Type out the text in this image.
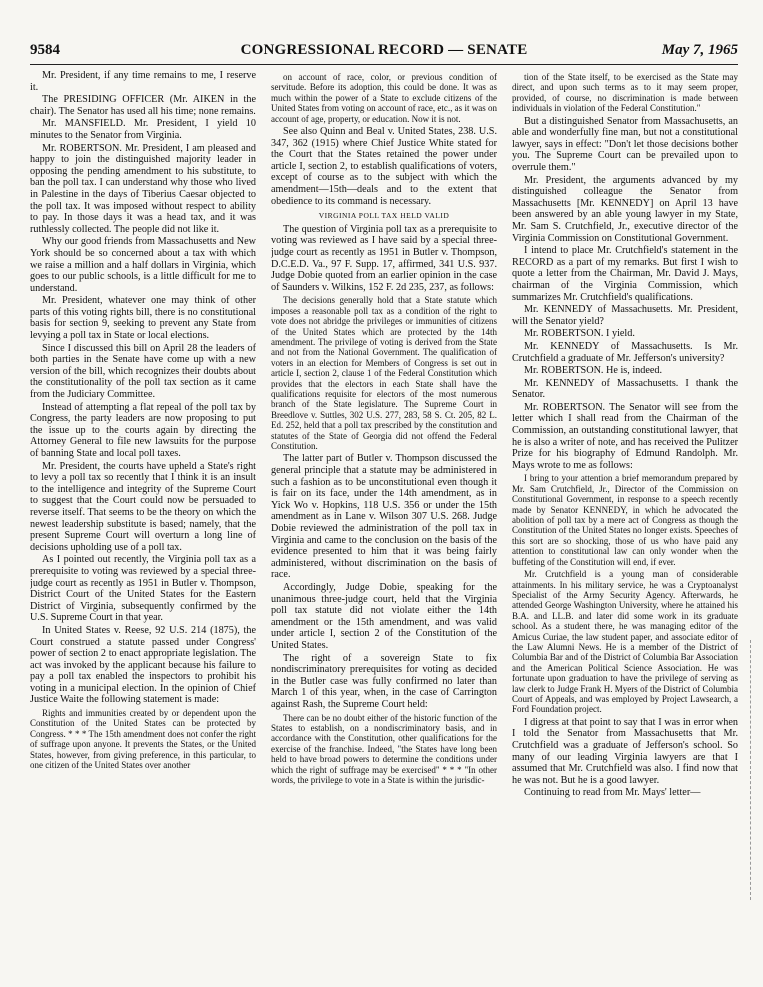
9584	CONGRESSIONAL RECORD — SENATE	May 7, 1965

Mr. President, if any time remains to me, I reserve it.

The PRESIDING OFFICER (Mr. AIKEN in the chair). The Senator has used all his time; none remains.

Mr. MANSFIELD. Mr. President, I yield 10 minutes to the Senator from Virginia.

Mr. ROBERTSON. Mr. President, I am pleased and happy to join the distinguished majority leader in opposing the pending amendment to his substitute, to ban the poll tax. I can understand why those who lived in Palestine in the days of Tiberius Caesar objected to the poll tax. It was imposed without respect to ability to pay. In those days it was a head tax, and it was ruthlessly collected. The people did not like it.

Why our good friends from Massachusetts and New York should be so concerned about a tax with which we raise a million and a half dollars in Virginia, which goes to our public schools, is a little difficult for me to understand.

Mr. President, whatever one may think of other parts of this voting rights bill, there is no constitutional basis for section 9, seeking to prevent any State from levying a poll tax in State or local elections.

Since I discussed this bill on April 28 the leaders of both parties in the Senate have come up with a new version of the bill, which recognizes their doubts about the constitutionality of the poll tax section as it came from the Judiciary Committee.

Instead of attempting a flat repeal of the poll tax by Congress, the party leaders are now proposing to put the issue up to the courts again by directing the Attorney General to file new lawsuits for the purpose of banning State and local poll taxes.

Mr. President, the courts have upheld a State's right to levy a poll tax so recently that I think it is an insult to the intelligence and integrity of the Supreme Court to suggest that the Court could now be persuaded to reverse itself. That seems to be the theory on which the newest leadership substitute is based; namely, that the present Supreme Court will overturn a long line of decisions upholding use of a poll tax.

As I pointed out recently, the Virginia poll tax as a prerequisite to voting was reviewed by a special three-judge court as recently as 1951 in Butler v. Thompson, District Court of the United States for the Eastern District of Virginia, subsequently confirmed by the U.S. Supreme Court in that year.

In United States v. Reese, 92 U.S. 214 (1875), the Court construed a statute passed under Congress' power of section 2 to enact appropriate legislation. The act was invoked by the applicant because his failure to pay a poll tax enabled the inspectors to prohibit his voting in a municipal election. In the opinion of Chief Justice Waite the following statement is made:

Rights and immunities created by or dependent upon the Constitution of the United States can be protected by Congress. * * * The 15th amendment does not confer the right of suffrage upon anyone. It prevents the States, or the United States, however, from giving preference, in this particular, to one citizen of the United States over another

on account of race, color, or previous condition of servitude. Before its adoption, this could be done. It was as much within the power of a State to exclude citizens of the United States from voting on account of race, etc., as it was on account of age, property, or education. Now it is not.

See also Quinn and Beal v. United States, 238. U.S. 347, 362 (1915) where Chief Justice White stated for the Court that the States retained the power under article I, section 2, to establish qualifications of voters, except of course as to the subject with which the amendment—15th—deals and to the extent that obedience to its command is necessary.

VIRGINIA POLL TAX HELD VALID

The question of Virginia poll tax as a prerequisite to voting was reviewed as I have said by a special three-judge court as recently as 1951 in Butler v. Thompson, D.C.E.D. Va., 97 F. Supp. 17, affirmed, 341 U.S. 937. Judge Dobie quoted from an earlier opinion in the case of Saunders v. Wilkins, 152 F. 2d 235, 237, as follows:

The decisions generally hold that a State statute which imposes a reasonable poll tax as a condition of the right to vote does not abridge the privileges or immunities of citizens of the United States which are protected by the 14th amendment. The privilege of voting is derived from the State and not from the National Government. The qualification of voters in an election for Members of Congress is set out in article I, section 2, clause 1 of the Federal Constitution which provides that the electors in each State shall have the qualifications requisite for electors of the most numerous branch of the State legislature. The Supreme Court in Breedlove v. Suttles, 302 U.S. 277, 283, 58 S. Ct. 205, 82 L. Ed. 252, held that a poll tax prescribed by the constitution and statutes of the State of Georgia did not offend the Federal Constitution.

The latter part of Butler v. Thompson discussed the general principle that a statute may be administered in such a fashion as to be unconstitutional even though it is fair on its face, under the 14th amendment, as in Yick Wo v. Hopkins, 118 U.S. 356 or under the 15th amendment as in Lane v. Wilson 307 U.S. 268. Judge Dobie reviewed the administration of the poll tax in Virginia and came to the conclusion on the basis of the evidence presented to him that it was being fairly administered, without discrimination on the basis of race.

Accordingly, Judge Dobie, speaking for the unanimous three-judge court, held that the Virginia poll tax statute did not violate either the 14th amendment or the 15th amendment, and was valid under article I, section 2 of the Constitution of the United States.

The right of a sovereign State to fix nondiscriminatory prerequisites for voting as decided in the Butler case was fully confirmed no later than March 1 of this year, when, in the case of Carrington against Rash, the Supreme Court held:

There can be no doubt either of the historic function of the States to establish, on a nondiscriminatory basis, and in accordance with the Constitution, other qualifications for the exercise of the franchise. Indeed, "the States have long been held to have broad powers to determine the conditions under which the right of suffrage may be exercised" * * * "In other words, the privilege to vote in a State is within the jurisdic-

tion of the State itself, to be exercised as the State may direct, and upon such terms as to it may seem proper, provided, of course, no discrimination is made between individuals in violation of the Federal Constitution."

But a distinguished Senator from Massachusetts, an able and wonderfully fine man, but not a constitutional lawyer, says in effect: "Don't let those decisions bother you. The Supreme Court can be prevailed upon to overrule them."

Mr. President, the arguments advanced by my distinguished colleague the Senator from Massachusetts [Mr. KENNEDY] on April 13 have been answered by an able young lawyer in my State, Mr. Sam S. Crutchfield, Jr., executive director of the Virginia Commission on Constitutional Government.

I intend to place Mr. Crutchfield's statement in the RECORD as a part of my remarks. But first I wish to quote a letter from the Chairman, Mr. David J. Mays, chairman of the Virginia Commission, which summarizes Mr. Crutchfield's qualifications.

Mr. KENNEDY of Massachusetts. Mr. President, will the Senator yield?

Mr. ROBERTSON. I yield.

Mr. KENNEDY of Massachusetts. Is Mr. Crutchfield a graduate of Mr. Jefferson's university?

Mr. ROBERTSON. He is, indeed.

Mr. KENNEDY of Massachusetts. I thank the Senator.

Mr. ROBERTSON. The Senator will see from the letter which I shall read from the Chairman of the Commission, an outstanding constitutional lawyer, that he is also a writer of note, and has received the Pulitzer Prize for his biography of Edmund Randolph. Mr. Mays wrote to me as follows:

I bring to your attention a brief memorandum prepared by Mr. Sam Crutchfield, Jr., Director of the Commission on Constitutional Government, in response to a speech recently made by Senator KENNEDY, in which he advocated the abolition of poll tax by a mere act of Congress as though the Constitution of the United States no longer exists. Speeches of this sort are so shocking, those of us who have paid any attention to constitutional law can only wonder when the buffeting of the Constitution will end, if ever.

Mr. Crutchfield is a young man of considerable attainments. In his military service, he was a Cryptoanalyst Specialist of the Army Security Agency. Afterwards, he attended George Washington University, where he attained his B.A. and LL.B. and later did some work in its graduate school. As a student there, he was managing editor of the Amicus Curiae, the law student paper, and associate editor of the Law Alumni News. He is a member of the District of Columbia Bar and of the District of Columbia Bar Association and the American Political Science Association. He was fortunate upon graduation to have the privilege of serving as law clerk to Judge Frank H. Myers of the District of Columbia Court of Appeals, and was employed by Project Lawsearch, a Ford Foundation project.

I digress at that point to say that I was in error when I told the Senator from Massachusetts that Mr. Crutchfield was a graduate of Jefferson's school. So many of our leading Virginia lawyers are that I assumed that Mr. Crutchfield was also. I find now that he was not. But he is a good lawyer.

Continuing to read from Mr. Mays' letter—
